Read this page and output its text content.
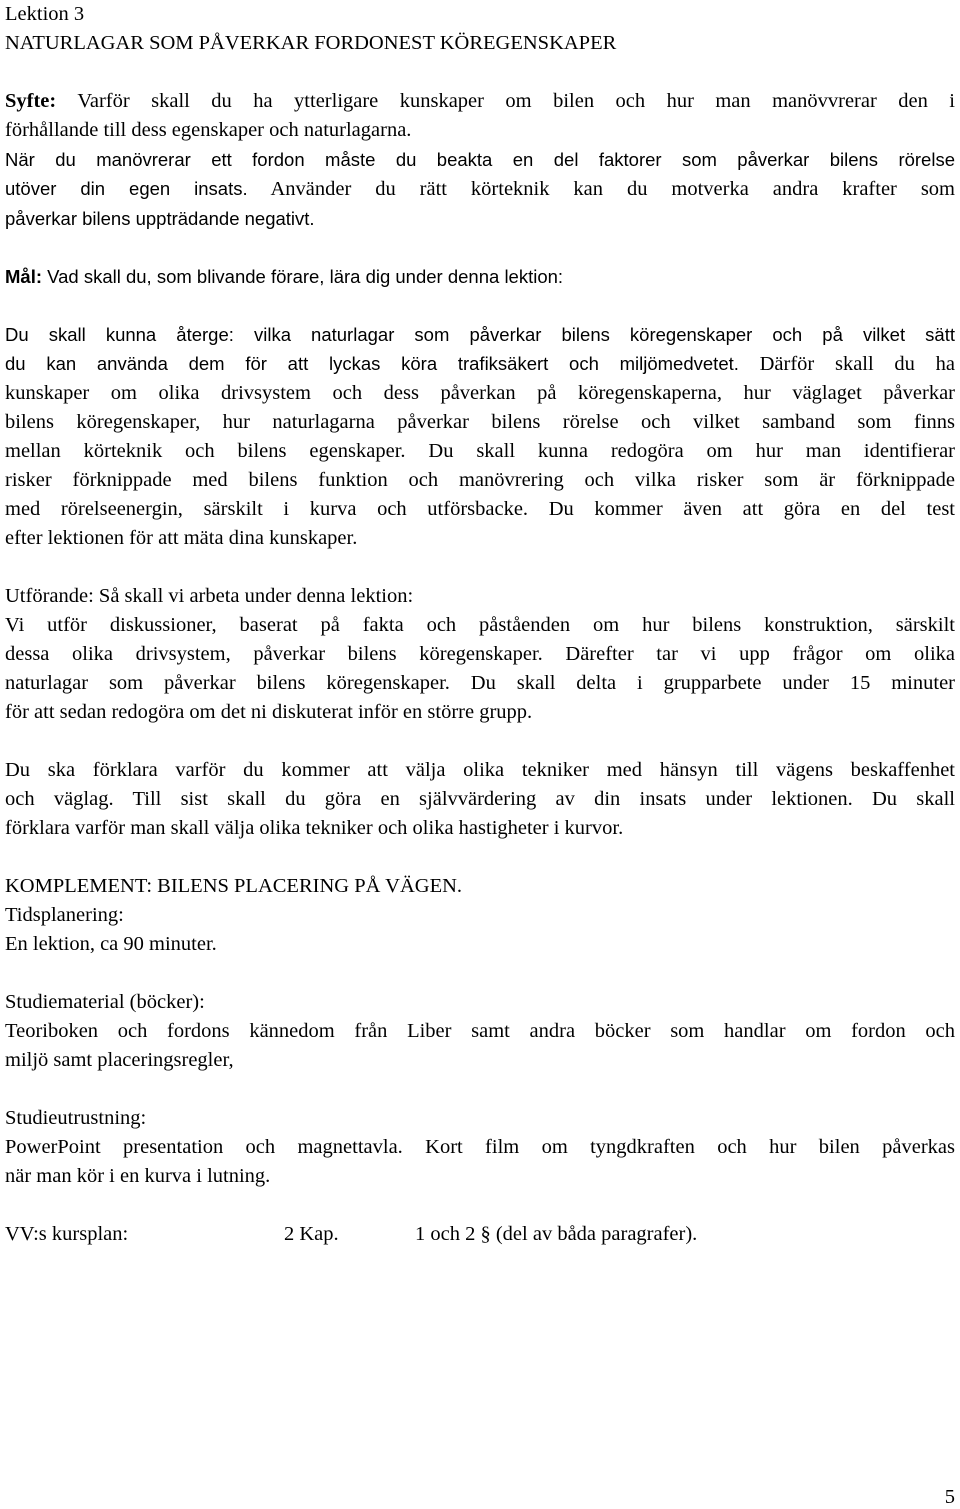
Lektion 3
NATURLAGAR SOM PÅVERKAR FORDONEST KÖREGENSKAPER
Syfte: Varför skall du ha ytterligare kunskaper om bilen och hur man manövvrerar den i
förhållande till dess egenskaper och naturlagarna.
När du manövrerar ett fordon måste du beakta en del faktorer som påverkar bilens rörelse
utöver din egen insats. Använder du rätt körteknik kan du motverka andra krafter som
påverkar bilens uppträdande negativt.
Mål: Vad skall du, som blivande förare, lära dig under denna lektion:
Du skall kunna återge: vilka naturlagar som påverkar bilens köregenskaper och på vilket sätt
du kan använda dem för att lyckas köra trafiksäkert och miljömedvetet. Därför skall du ha
kunskaper om olika drivsystem och dess påverkan på köregenskaperna, hur väglaget påverkar
bilens köregenskaper, hur naturlagarna påverkar bilens rörelse och vilket samband som finns
mellan körteknik och bilens egenskaper. Du skall kunna redogöra om hur man identifierar
risker förknippade med bilens funktion och manövrering och vilka risker som är förknippade
med rörelseenergin, särskilt i kurva och utförsbacke. Du kommer även att göra en del test
efter lektionen för att mäta dina kunskaper.
Utförande: Så skall vi arbeta under denna lektion:
Vi utför diskussioner, baserat på fakta och påståenden om hur bilens konstruktion, särskilt
dessa olika drivsystem, påverkar bilens köregenskaper. Därefter tar vi upp frågor om olika
naturlagar som påverkar bilens köregenskaper. Du skall delta i grupparbete under 15 minuter
för att sedan redogöra om det ni diskuterat inför en större grupp.
Du ska förklara varför du kommer att välja olika tekniker med hänsyn till vägens beskaffenhet
och väglag. Till sist skall du göra en självvärdering av din insats under lektionen. Du skall
förklara varför man skall välja olika tekniker och olika hastigheter i kurvor.
KOMPLEMENT: BILENS PLACERING PÅ VÄGEN.
Tidsplanering:
En lektion, ca 90 minuter.
Studiematerial (böcker):
Teoriboken och fordons kännedom från Liber samt andra böcker som handlar om fordon och
miljö samt placeringsregler,
Studieutrustning:
PowerPoint presentation och magnettavla. Kort film om tyngdkraften och hur bilen påverkas
när man kör i en kurva i lutning.
VV:s kursplan:	2 Kap.	1 och 2 § (del av båda paragrafer).
5
